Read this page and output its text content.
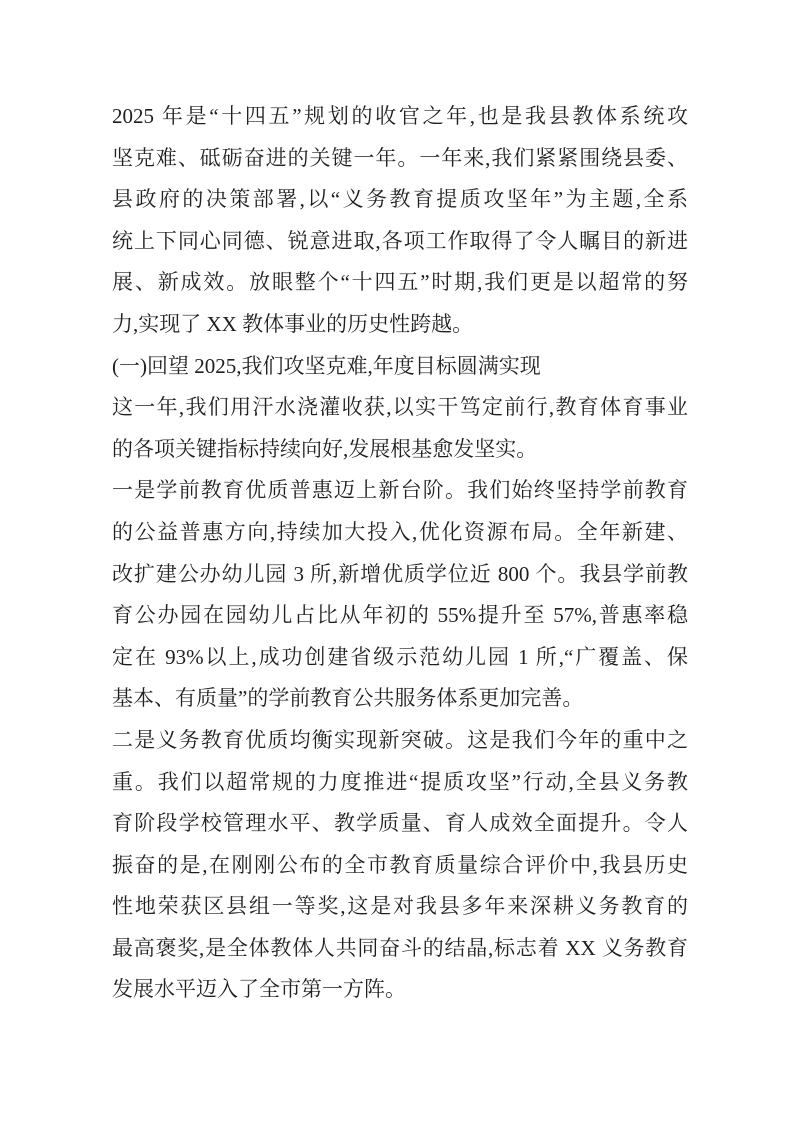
2025 年是“十四五”规划的收官之年,也是我县教体系统攻
坚克难、砥砺奋进的关键一年。一年来,我们紧紧围绕县委、
县政府的决策部署,以“义务教育提质攻坚年”为主题,全系
统上下同心同德、锐意进取,各项工作取得了令人瞩目的新进
展、新成效。放眼整个“十四五”时期,我们更是以超常的努
力,实现了 XX 教体事业的历史性跨越。
(一)回望 2025,我们攻坚克难,年度目标圆满实现
这一年,我们用汗水浇灌收获,以实干笃定前行,教育体育事业
的各项关键指标持续向好,发展根基愈发坚实。
一是学前教育优质普惠迈上新台阶。我们始终坚持学前教育
的公益普惠方向,持续加大投入,优化资源布局。全年新建、
改扩建公办幼儿园 3 所,新增优质学位近 800 个。我县学前教
育公办园在园幼儿占比从年初的 55%提升至 57%,普惠率稳
定在 93%以上,成功创建省级示范幼儿园 1 所,“广覆盖、保
基本、有质量”的学前教育公共服务体系更加完善。
二是义务教育优质均衡实现新突破。这是我们今年的重中之
重。我们以超常规的力度推进“提质攻坚”行动,全县义务教
育阶段学校管理水平、教学质量、育人成效全面提升。令人
振奋的是,在刚刚公布的全市教育质量综合评价中,我县历史
性地荣获区县组一等奖,这是对我县多年来深耕义务教育的
最高褒奖,是全体教体人共同奋斗的结晶,标志着 XX 义务教育
发展水平迈入了全市第一方阵。
